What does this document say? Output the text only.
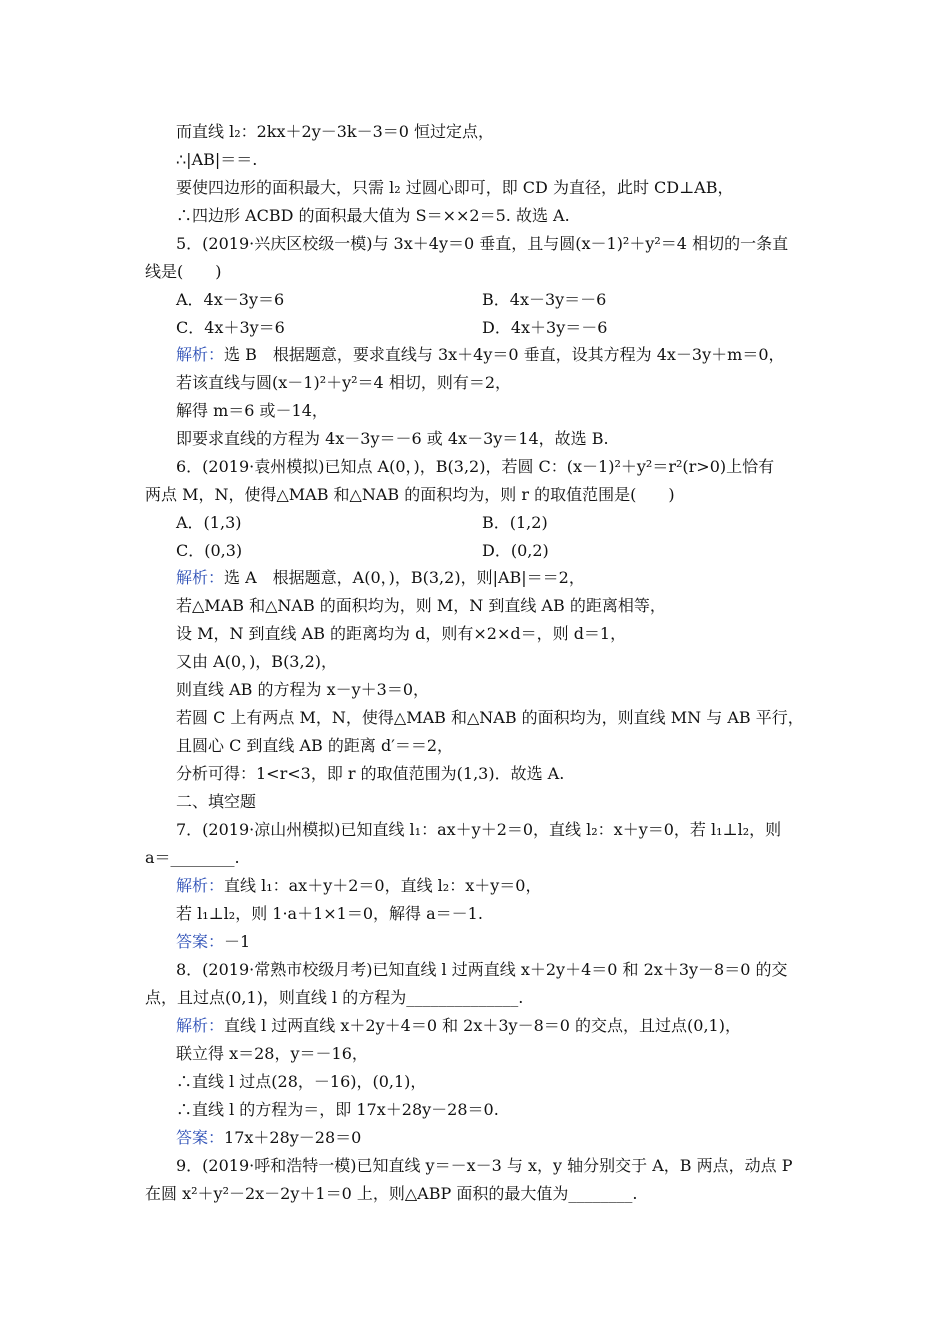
而直线 l₂：2kx＋2y－3k－3＝0 恒过定点，
∴|AB|＝＝.
要使四边形的面积最大，只需 l₂ 过圆心即可，即 CD 为直径，此时 CD⊥AB，
∴四边形 ACBD 的面积最大值为 S＝××2＝5. 故选 A.
5．(2019·兴庆区校级一模)与 3x＋4y＝0 垂直，且与圆(x－1)²＋y²＝4 相切的一条直
线是(　　)
解析：选 B　根据题意，要求直线与 3x＋4y＝0 垂直，设其方程为 4x－3y＋m＝0，
若该直线与圆(x－1)²＋y²＝4 相切，则有＝2，
解得 m＝6 或－14，
即要求直线的方程为 4x－3y＝－6 或 4x－3y＝14，故选 B.
6．(2019·袁州模拟)已知点 A(0，)，B(3,2)，若圆 C：(x－1)²＋y²＝r²(r>0)上恰有
两点 M，N，使得△MAB 和△NAB 的面积均为，则 r 的取值范围是(　　)
解析：选 A　根据题意，A(0，)，B(3,2)，则|AB|＝＝2，
若△MAB 和△NAB 的面积均为，则 M，N 到直线 AB 的距离相等，
设 M，N 到直线 AB 的距离均为 d，则有×2×d＝，则 d＝1，
又由 A(0，)，B(3,2)，
则直线 AB 的方程为 x－y＋3＝0，
若圆 C 上有两点 M，N，使得△MAB 和△NAB 的面积均为，则直线 MN 与 AB 平行，
且圆心 C 到直线 AB 的距离 d′＝＝2，
分析可得：1<r<3，即 r 的取值范围为(1,3)．故选 A.
二、填空题
7．(2019·凉山州模拟)已知直线 l₁：ax＋y＋2＝0，直线 l₂：x＋y＝0，若 l₁⊥l₂，则
a＝________.
解析：直线 l₁：ax＋y＋2＝0，直线 l₂：x＋y＝0，
若 l₁⊥l₂，则 1·a＋1×1＝0，解得 a＝－1.
答案：－1
8．(2019·常熟市校级月考)已知直线 l 过两直线 x＋2y＋4＝0 和 2x＋3y－8＝0 的交
点，且过点(0,1)，则直线 l 的方程为______________.
解析：直线 l 过两直线 x＋2y＋4＝0 和 2x＋3y－8＝0 的交点，且过点(0,1)，
联立得 x＝28，y＝－16，
∴直线 l 过点(28，－16)，(0,1)，
∴直线 l 的方程为＝，即 17x＋28y－28＝0.
答案：17x＋28y－28＝0
9．(2019·呼和浩特一模)已知直线 y＝－x－3 与 x，y 轴分别交于 A，B 两点，动点 P
在圆 x²＋y²－2x－2y＋1＝0 上，则△ABP 面积的最大值为________.
A．4x－3y＝6	B．4x－3y＝－6
C．4x＋3y＝6	D．4x＋3y＝－6
A．(1,3)	B．(1,2)
C．(0,3)	D．(0,2)
